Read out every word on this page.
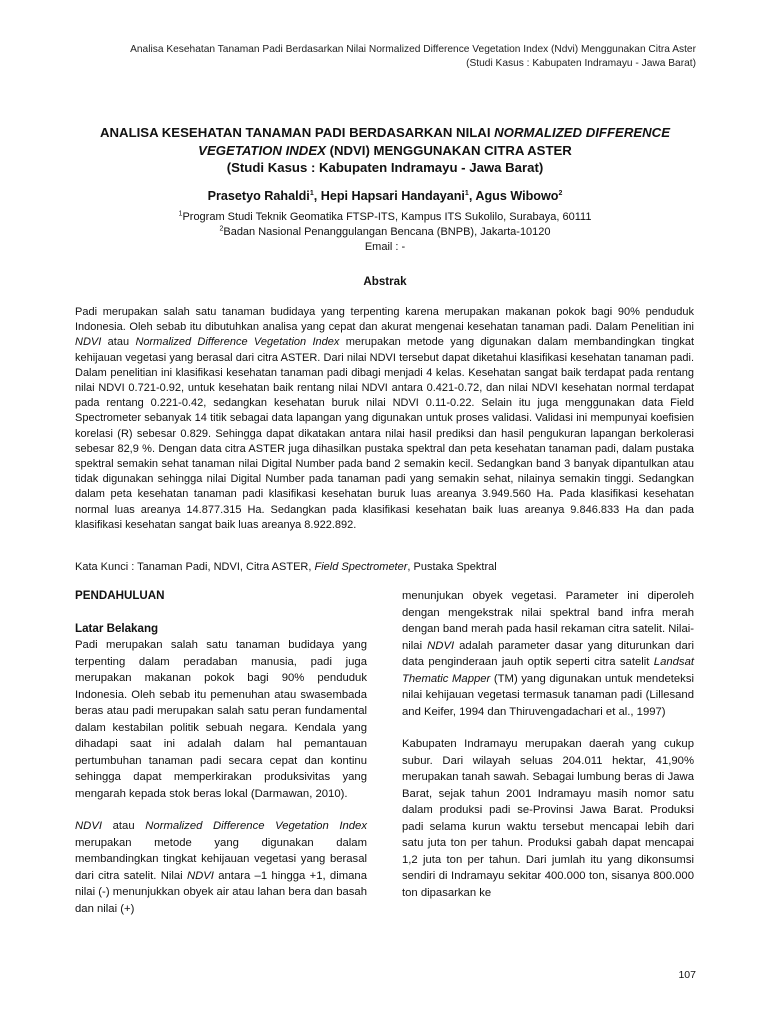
Analisa Kesehatan Tanaman Padi Berdasarkan Nilai Normalized Difference Vegetation Index (Ndvi) Menggunakan Citra Aster
(Studi Kasus : Kabupaten Indramayu - Jawa Barat)
ANALISA KESEHATAN TANAMAN PADI BERDASARKAN NILAI NORMALIZED DIFFERENCE
VEGETATION INDEX (NDVI) MENGGUNAKAN CITRA ASTER
(Studi Kasus : Kabupaten Indramayu - Jawa Barat)
Prasetyo Rahaldi$^1$, Hepi Hapsari Handayani$^1$, Agus Wibowo$^2$
$^1$Program Studi Teknik Geomatika FTSP-ITS, Kampus ITS Sukolilo, Surabaya, 60111
$^2$Badan Nasional Penanggulangan Bencana (BNPB), Jakarta-10120
Email : -
Abstrak
Padi merupakan salah satu tanaman budidaya yang terpenting karena merupakan makanan pokok bagi 90% penduduk Indonesia. Oleh sebab itu dibutuhkan analisa yang cepat dan akurat mengenai kesehatan tanaman padi. Dalam Penelitian ini NDVI atau Normalized Difference Vegetation Index merupakan metode yang digunakan dalam membandingkan tingkat kehijauan vegetasi yang berasal dari citra ASTER. Dari nilai NDVI tersebut dapat diketahui klasifikasi kesehatan tanaman padi. Dalam penelitian ini klasifikasi kesehatan tanaman padi dibagi menjadi 4 kelas. Kesehatan sangat baik terdapat pada rentang nilai NDVI 0.721-0.92, untuk kesehatan baik rentang nilai NDVI antara 0.421-0.72, dan nilai NDVI kesehatan normal terdapat pada rentang 0.221-0.42, sedangkan kesehatan buruk nilai NDVI 0.11-0.22. Selain itu juga menggunakan data Field Spectrometer sebanyak 14 titik sebagai data lapangan yang digunakan untuk proses validasi. Validasi ini mempunyai koefisien korelasi (R) sebesar 0.829. Sehingga dapat dikatakan antara nilai hasil prediksi dan hasil pengukuran lapangan berkolerasi sebesar 82,9 %. Dengan data citra ASTER juga dihasilkan pustaka spektral dan peta kesehatan tanaman padi, dalam pustaka spektral semakin sehat tanaman nilai Digital Number pada band 2 semakin kecil. Sedangkan band 3 banyak dipantulkan atau tidak digunakan sehingga nilai Digital Number pada tanaman padi yang semakin sehat, nilainya semakin tinggi. Sedangkan dalam peta kesehatan tanaman padi klasifikasi kesehatan buruk luas areanya 3.949.560 Ha. Pada klasifikasi kesehatan normal luas areanya 14.877.315 Ha. Sedangkan pada klasifikasi kesehatan baik luas areanya 9.846.833 Ha dan pada klasifikasi kesehatan sangat baik luas areanya 8.922.892.
Kata Kunci : Tanaman Padi, NDVI, Citra ASTER, Field Spectrometer, Pustaka Spektral

PENDAHULUAN

Latar Belakang

Padi merupakan salah satu tanaman budidaya yang terpenting dalam peradaban manusia, padi juga merupakan makanan pokok bagi 90% penduduk Indonesia. Oleh sebab itu pemenuhan atau swasembada beras atau padi merupakan salah satu peran fundamental dalam kestabilan politik sebuah negara. Kendala yang dihadapi saat ini adalah dalam hal pemantauan pertumbuhan tanaman padi secara cepat dan kontinu sehingga dapat memperkirakan produksivitas yang mengarah kepada stok beras lokal (Darmawan, 2010).

NDVI atau Normalized Difference Vegetation Index merupakan metode yang digunakan dalam membandingkan tingkat kehijauan vegetasi yang berasal dari citra satelit. Nilai NDVI antara –1 hingga +1, dimana nilai (-) menunjukkan obyek air atau lahan bera dan basah dan nilai (+)

menunjukan obyek vegetasi. Parameter ini diperoleh dengan mengekstrak nilai spektral band infra merah dengan band merah pada hasil rekaman citra satelit. Nilai-nilai NDVI adalah parameter dasar yang diturunkan dari data penginderaan jauh optik seperti citra satelit Landsat Thematic Mapper (TM) yang digunakan untuk mendeteksi nilai kehijauan vegetasi termasuk tanaman padi (Lillesand and Keifer, 1994 dan Thiruvengadachari et al., 1997)

Kabupaten Indramayu merupakan daerah yang cukup subur. Dari wilayah seluas 204.011 hektar, 41,90% merupakan tanah sawah. Sebagai lumbung beras di Jawa Barat, sejak tahun 2001 Indramayu masih nomor satu dalam produksi padi se-Provinsi Jawa Barat. Produksi padi selama kurun waktu tersebut mencapai lebih dari satu juta ton per tahun. Produksi gabah dapat mencapai 1,2 juta ton per tahun. Dari jumlah itu yang dikonsumsi sendiri di Indramayu sekitar 400.000 ton, sisanya 800.000 ton dipasarkan ke

107
